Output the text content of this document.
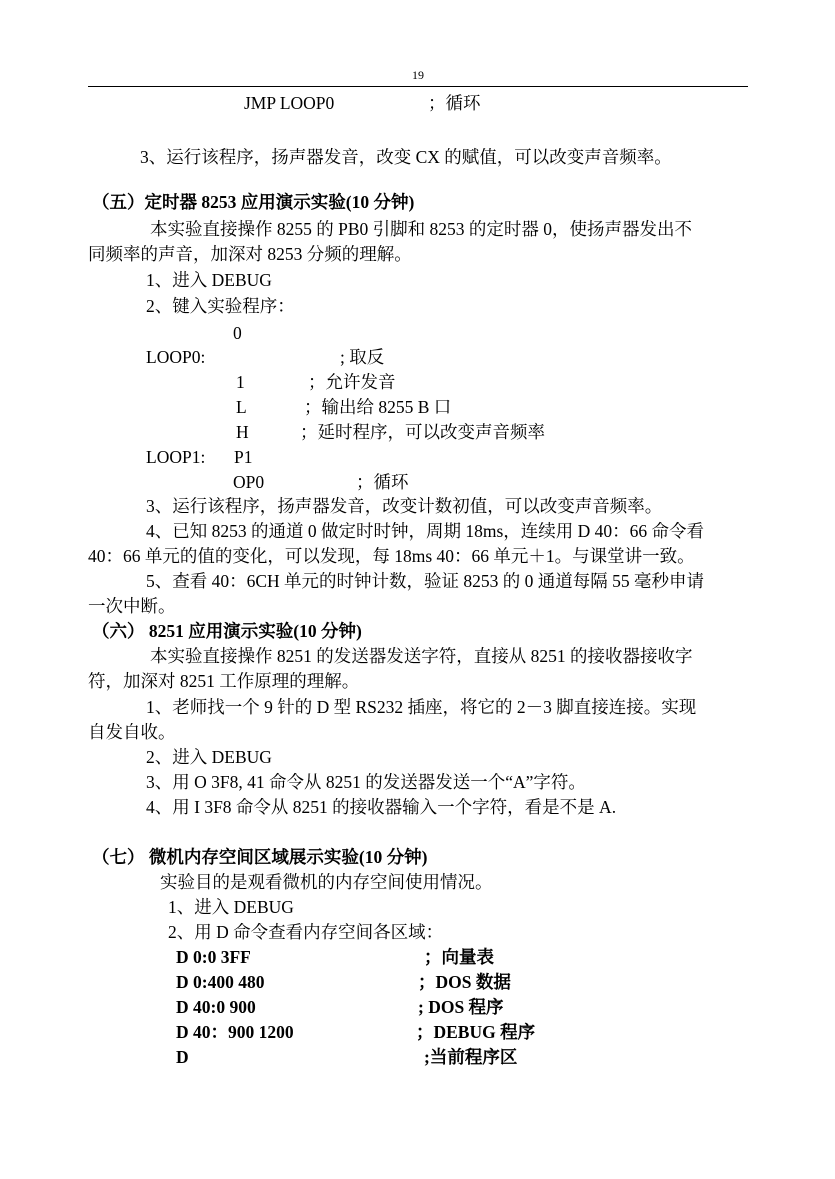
19
JMP LOOP0	；循环
3、运行该程序，扬声器发音，改变 CX 的赋值，可以改变声音频率。
（五）定时器 8253 应用演示实验(10 分钟)
本实验直接操作 8255 的 PB0 引脚和 8253 的定时器 0，使扬声器发出不
同频率的声音，加深对 8253 分频的理解。
1、进入 DEBUG
2、键入实验程序：
0
LOOP0:	; 取反
1	；允许发音
L	；输出给 8255 B 口
H	；延时程序，可以改变声音频率
LOOP1: P1
OP0	；循环
3、运行该程序，扬声器发音，改变计数初值，可以改变声音频率。
4、已知 8253 的通道 0 做定时时钟，周期 18ms，连续用 D 40：66 命令看
40：66 单元的值的变化，可以发现，每 18ms 40：66 单元＋1。与课堂讲一致。
5、查看 40：6CH 单元的时钟计数，验证 8253 的 0 通道每隔 55 毫秒申请
一次中断。
（六） 8251 应用演示实验(10 分钟)
本实验直接操作 8251 的发送器发送字符，直接从 8251 的接收器接收字
符，加深对 8251 工作原理的理解。
1、老师找一个 9 针的 D 型 RS232 插座，将它的 2－3 脚直接连接。实现
自发自收。
2、进入 DEBUG
3、用 O 3F8, 41 命令从 8251 的发送器发送一个“A”字符。
4、用 I 3F8 命令从 8251 的接收器输入一个字符，看是不是 A.
（七） 微机内存空间区域展示实验(10 分钟)
实验目的是观看微机的内存空间使用情况。
1、进入 DEBUG
2、用 D 命令查看内存空间各区域：
D 0:0 3FF	；向量表
D 0:400 480	；DOS 数据
D 40:0 900	; DOS 程序
D 40：900 1200	；DEBUG 程序
D	;当前程序区
